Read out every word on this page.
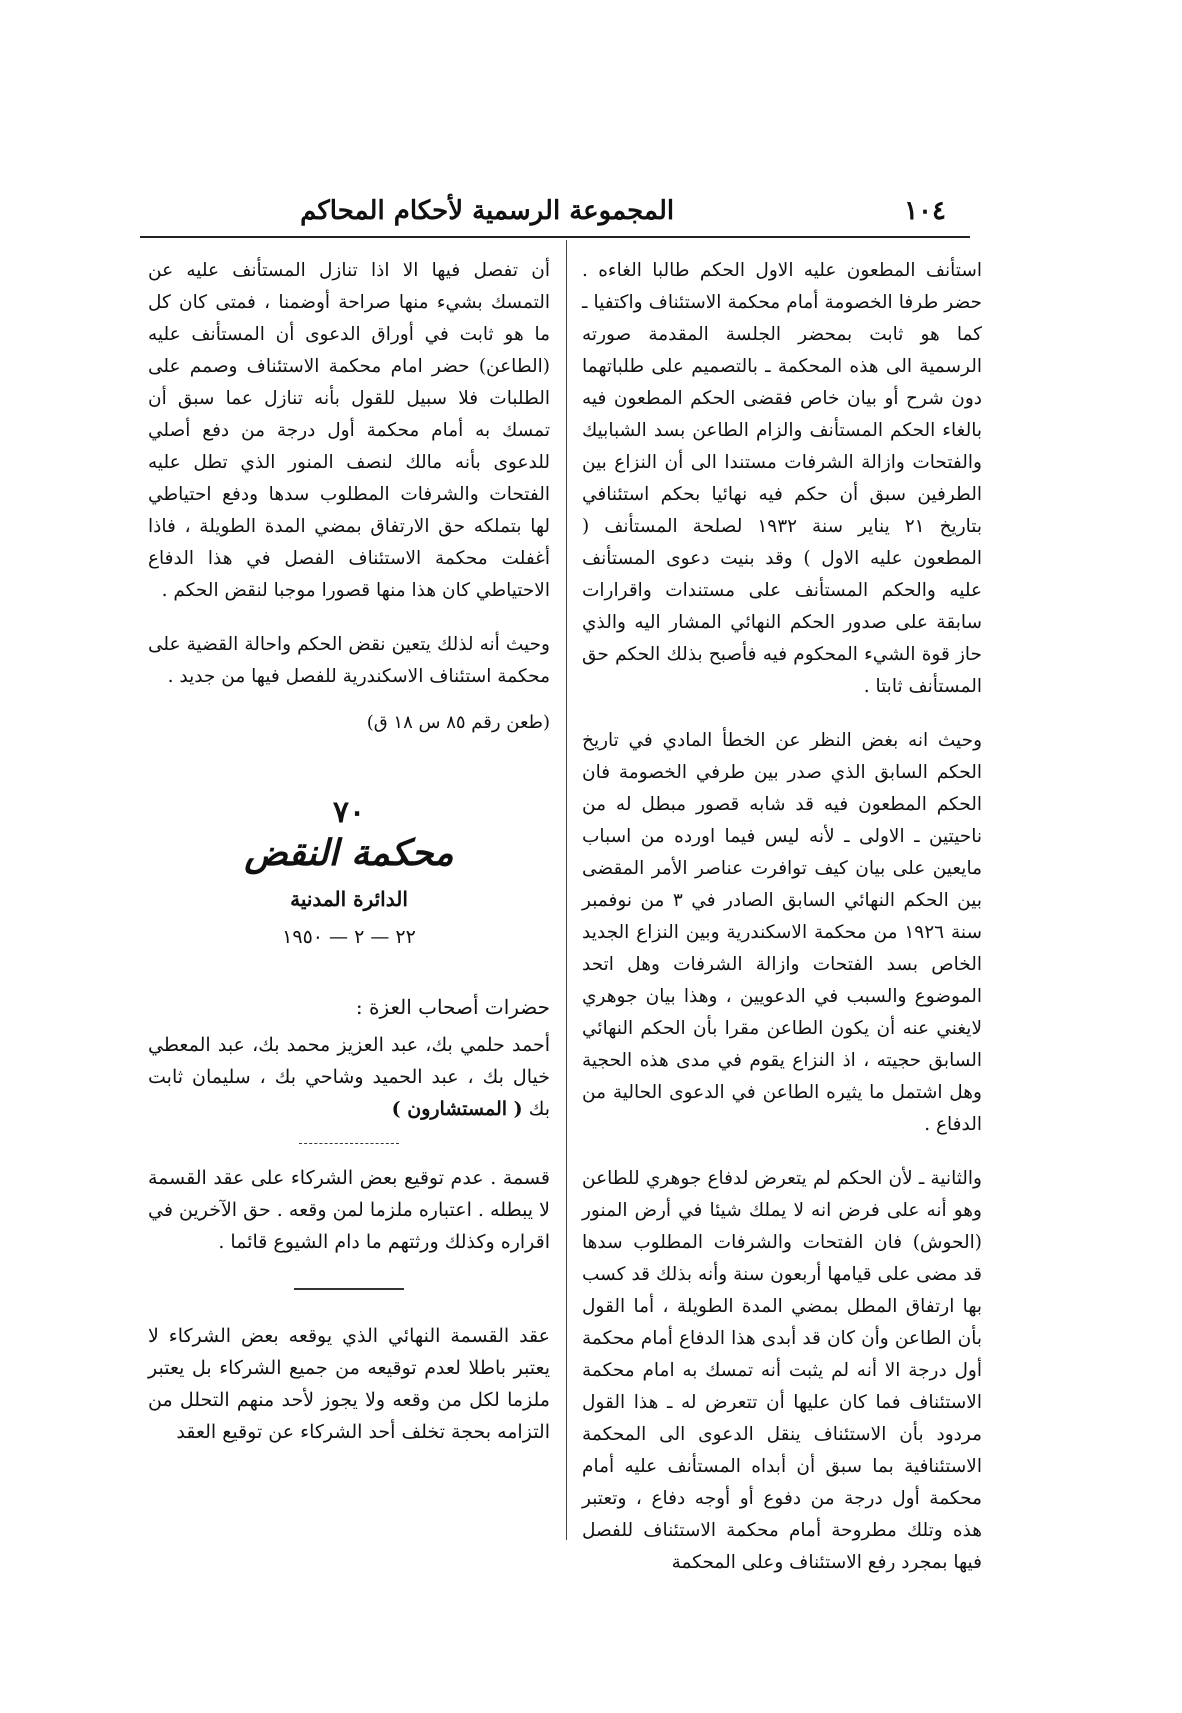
١٠٤
المجموعة الرسمية لأحكام المحاكم

استأنف المطعون عليه الاول الحكم طالبا الغاءه . حضر طرفا الخصومة أمام محكمة الاستئناف واكتفيا ـ كما هو ثابت بمحضر الجلسة المقدمة صورته الرسمية الى هذه المحكمة ـ بالتصميم على طلباتهما دون شرح أو بيان خاص فقضى الحكم المطعون فيه بالغاء الحكم المستأنف والزام الطاعن بسد الشبابيك والفتحات وازالة الشرفات مستندا الى أن النزاع بين الطرفين سبق أن حكم فيه نهائيا بحكم استئنافي بتاريخ ٢١ يناير سنة ١٩٣٢ لصلحة المستأنف ( المطعون عليه الاول ) وقد بنيت دعوى المستأنف عليه والحكم المستأنف على مستندات واقرارات سابقة على صدور الحكم النهائي المشار اليه والذي حاز قوة الشيء المحكوم فيه فأصبح بذلك الحكم حق المستأنف ثابتا .

وحيث انه بغض النظر عن الخطأ المادي في تاريخ الحكم السابق الذي صدر بين طرفي الخصومة فان الحكم المطعون فيه قد شابه قصور مبطل له من ناحيتين ـ الاولى ـ لأنه ليس فيما اورده من اسباب مايعين على بيان كيف توافرت عناصر الأمر المقضى بين الحكم النهائي السابق الصادر في ٣ من نوفمبر سنة ١٩٢٦ من محكمة الاسكندرية وبين النزاع الجديد الخاص بسد الفتحات وازالة الشرفات وهل اتحد الموضوع والسبب في الدعويين ، وهذا بيان جوهري لايغني عنه أن يكون الطاعن مقرا بأن الحكم النهائي السابق حجيته ، اذ النزاع يقوم في مدى هذه الحجية وهل اشتمل ما يثيره الطاعن في الدعوى الحالية من الدفاع .

والثانية ـ لأن الحكم لم يتعرض لدفاع جوهري للطاعن وهو أنه على فرض انه لا يملك شيئا في أرض المنور (الحوش) فان الفتحات والشرفات المطلوب سدها قد مضى على قيامها أربعون سنة وأنه بذلك قد كسب بها ارتفاق المطل بمضي المدة الطويلة ، أما القول بأن الطاعن وأن كان قد أبدى هذا الدفاع أمام محكمة أول درجة الا أنه لم يثبت أنه تمسك به امام محكمة الاستئناف فما كان عليها أن تتعرض له ـ هذا القول مردود بأن الاستئناف ينقل الدعوى الى المحكمة الاستئنافية بما سبق أن أبداه المستأنف عليه أمام محكمة أول درجة من دفوع أو أوجه دفاع ، وتعتبر هذه وتلك مطروحة أمام محكمة الاستئناف للفصل فيها بمجرد رفع الاستئناف وعلى المحكمة

أن تفصل فيها الا اذا تنازل المستأنف عليه عن التمسك بشيء منها صراحة أوضمنا ، فمتى كان كل ما هو ثابت في أوراق الدعوى أن المستأنف عليه (الطاعن) حضر امام محكمة الاستئناف وصمم على الطلبات فلا سبيل للقول بأنه تنازل عما سبق أن تمسك به أمام محكمة أول درجة من دفع أصلي للدعوى بأنه مالك لنصف المنور الذي تطل عليه الفتحات والشرفات المطلوب سدها ودفع احتياطي لها بتملكه حق الارتفاق بمضي المدة الطويلة ، فاذا أغفلت محكمة الاستئناف الفصل في هذا الدفاع الاحتياطي كان هذا منها قصورا موجبا لنقض الحكم .

وحيث أنه لذلك يتعين نقض الحكم واحالة القضية على محكمة استئناف الاسكندرية للفصل فيها من جديد .

(طعن رقم ٨٥ س ١٨ ق)

٧٠
محكمة النقض
الدائرة المدنية
٢٢ — ٢ — ١٩٥٠
حضرات أصحاب العزة :
أحمد حلمي بك، عبد العزيز محمد بك، عبد المعطي خيال بك ، عبد الحميد وشاحي بك ، سليمان ثابت بك ( المستشارون )
قسمة . عدم توقيع بعض الشركاء على عقد القسمة لا يبطله . اعتباره ملزما لمن وقعه . حق الآخرين في اقراره وكذلك ورثتهم ما دام الشيوع قائما .
عقد القسمة النهائي الذي يوقعه بعض الشركاء لا يعتبر باطلا لعدم توقيعه من جميع الشركاء بل يعتبر ملزما لكل من وقعه ولا يجوز لأحد منهم التحلل من التزامه بحجة تخلف أحد الشركاء عن توقيع العقد
